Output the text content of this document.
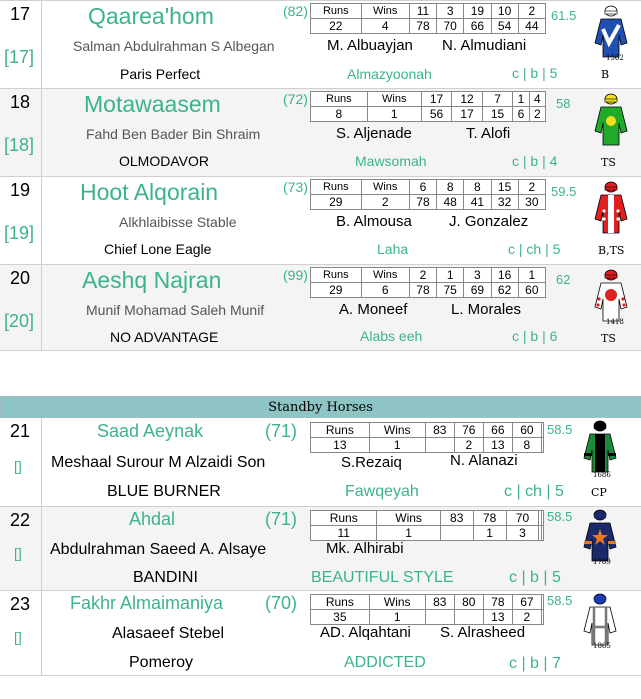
17
[17]
Qaarea'hom	(82) Runs	Wins	11	3	19	10	2
22	4	78	70	66	54	44
61.5
Salman Abdulrahman S Albegan	M. Albuayjan N. Almudiani
Paris Perfect	Almazyoonah	c | b | 5
1562
B
18
[18]
Motawaasem	(72) Runs	Wins	17	12	7	1	4
8	1	56	17	15	6	2
58
Fahd Ben Bader Bin Shraim	S. Aljenade	T. Alofi
OLMODAVOR	Mawsomah	c | b | 4	TS
19
[19]
Hoot Alqorain	(73) Runs	Wins	6	8	8	15	2
29	2	78	48	41	32	30
59.5
Alkhlaibisse Stable	B. Almousa J. Gonzalez
Chief Lone Eagle	Laha	c | ch | 5	B,TS
20
[20]
Aeshq Najran	(99) Runs	Wins	2	1	3	16	1
29	6	78	75	69	62	60
62
Munif Mohamad Saleh Munif	A. Moneef	L. Morales
NO ADVANTAGE	Alabs eeh	c | b | 6
1418
TS
Standby Horses
21
[]
Saad Aeynak	(71) Runs	Wins	83	76	66	60	
13	1		2	13	8	
58.5
Meshaal Surour M Alzaidi Son	S.Rezaiq	N. Alanazi
BLUE BURNER	Fawqeyah	c | ch | 5
1686
CP
22
[]
Ahdal	(71)	Runs	Wins	83	78	70		
11	1		1	3		
58.5
Abdulrahman Saeed A. Alsaye	Mk. Alhirabi
BANDINI	BEAUTIFUL STYLE	c | b | 5
1789
23
[]
Fakhr Almaimaniya (70) Runs	Wins	83	80	78	67	
35	1			13	2	
58.5
Alasaeef Stebel	AD. Alqahtani S. Alrasheed
Pomeroy	ADDICTED	c | b | 7
1865
